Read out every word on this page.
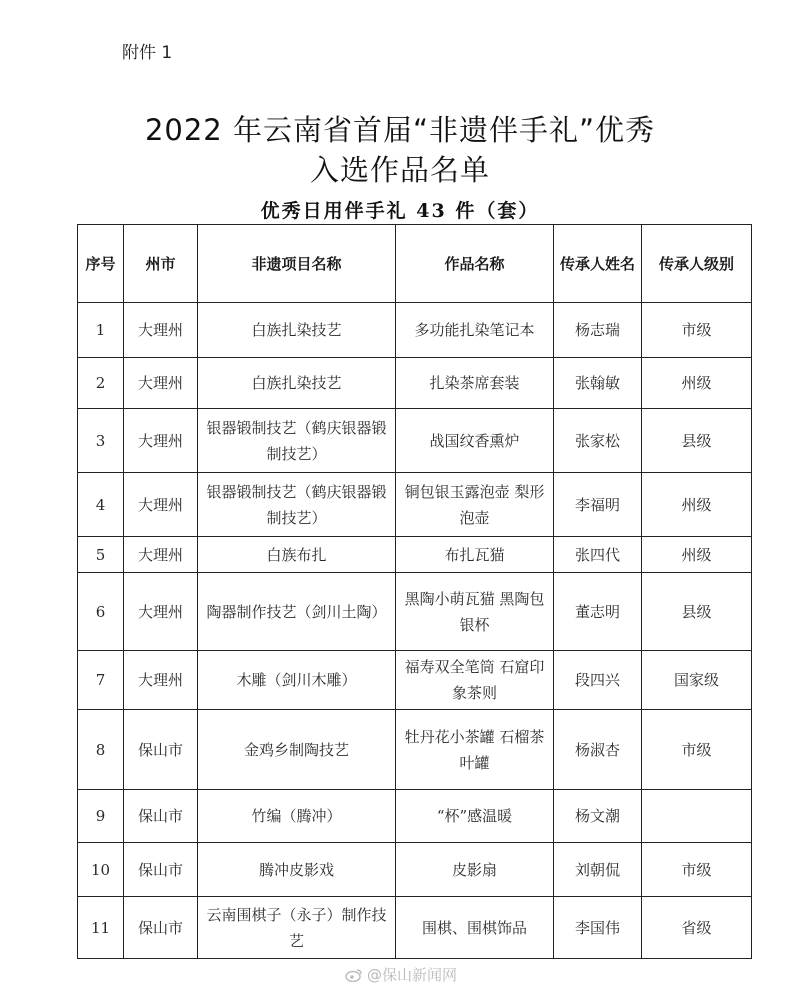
附件 1
2022 年云南省首届“非遗伴手礼”优秀
入选作品名单
优秀日用伴手礼 43 件（套）
序号	州市	非遗项目名称	作品名称	传承人姓名	传承人级别
1	大理州	白族扎染技艺	多功能扎染笔记本	杨志瑞	市级
2	大理州	白族扎染技艺	扎染茶席套装	张翰敏	州级
3	大理州	银器锻制技艺（鹤庆银器锻制技艺）	战国纹香熏炉	张家松	县级
4	大理州	银器锻制技艺（鹤庆银器锻制技艺）	铜包银玉露泡壶 梨形泡壶	李福明	州级
5	大理州	白族布扎	布扎瓦猫	张四代	州级
6	大理州	陶器制作技艺（剑川土陶）	黑陶小萌瓦猫 黑陶包银杯	董志明	县级
7	大理州	木雕（剑川木雕）	福寿双全笔筒 石窟印象茶则	段四兴	国家级
8	保山市	金鸡乡制陶技艺	牡丹花小茶罐 石榴茶叶罐	杨淑杏	市级
9	保山市	竹编（腾冲）	“杯”感温暖	杨文潮	
10	保山市	腾冲皮影戏	皮影扇	刘朝侃	市级
11	保山市	云南围棋子（永子）制作技艺	围棋、围棋饰品	李国伟	省级
@保山新闻网
